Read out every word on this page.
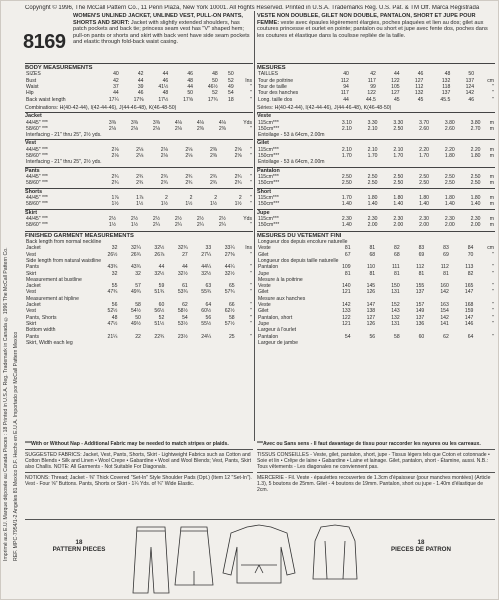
Copyright © 1996, The McCall Pattern Co., 11 Penn Plaza, New York 10001. All Rights Reserved. Printed in U.S.A. Trademarks Reg. U.S. Pat. & TM Off. Marca Registrada
Imprimé aux E.U. Marque déposée au Canada Pieces : 18 Printed in U.S.A. Reg. Trademark in Canada © 1996 The McCall Pattern Co. REF. MPC·7954/1-2 Angeles 81 Mexico D.F. Hecho en E.U.A. Importado por McCall Pattern Mexico
8169
WOMEN'S UNLINED JACKET, UNLINED VEST, PULL-ON PANTS, SHORTS AND SKIRT: Jacket with slightly extended shoulders, has patch pockets and back tie; princess seam vest has "V" shaped hem; pull-on pants or shorts and skirt with back vent have side seam pockets and elastic through fold-back waist casing.
VESTE NON DOUBLEE, GILET NON DOUBLE, PANTALON, SHORT ET JUPE POUR FEMME: veste avec épaules légèrement élargies, poches plaquées et lien au dos; gilet aux coutures princesse et ourlet en pointe; pantalon ou short et jupe avec fente dos, poches dans les coutures et élastique dans la coulisse repliée de la taille.
BODY MEASUREMENTS
SIZES	40	42	44	46	48	50	
Bust	42	44	46	48	50	52	Ins
Waist	37	39	41½	44	46½	49	"
Hip	44	46	48	50	52	54	"
Back waist length	17¼	17⅜	17½	17⅝	17¾	18	"
Combinations: H(40-42-44), I(42-44-46), J(44-46-48), K(46-48-50)
Jacket
44/45" ***	3⅜	3⅜	3⅜	4⅛	4⅛	4⅛	Yds
58/60" ***	2⅛	2⅛	2⅛	2⅛	2⅜	2⅜	"
Interfacing - 21" thru 25", 2½ yds.							
Vest
44/45" ***	2⅛	2⅛	2⅛	2⅛	2⅜	2⅝	"
58/60" ***	2⅛	2⅛	2⅛	2⅛	2⅜	2⅝	"
Interfacing - 21" thru 25", 2½ yds.							
Pants
44/45" ***	2¾	2¾	2¾	2¾	2¾	2¾	"
58/60" ***	2¾	2¾	2¾	2¾	2¾	2¾	"
Shorts
44/45" ***	1⅞	1⅞	2	2	2	2	"
58/60" ***	1½	1½	1½	1½	1½	1½	"
Skirt
44/45" ***	2½	2½	2½	2½	2½	2½	Yds
58/60" ***	1½	1½	2¼	2¼	2¼	2¼	"
FINISHED GARMENT MEASUREMENTS
Back length from normal neckline							
Jacket	32	32¼	32½	32¾	33	33¼	Ins
Vest	26½	26¾	26⅞	27	27¼	27⅜	"
Side length from natural waistline							
Pants	43¾	43¾	44	44	44¼	44¼	"
Skirt	32	32	32½	32½	32½	32½	"
Measurement at bustline							
Jacket	55	57	59	61	63	65	"
Vest	47¾	49¾	51¾	53¾	55¾	57¾	"
Measurement at hipline							
Jacket	56	58	60	62	64	66	"
Vest	52½	54½	56½	58½	60½	62½	"
Pants, Shorts	48	50	52	54	56	58	"
Skirt	47½	49½	51½	53½	55½	57½	"
Bottom width							
Pants	21¼	22	22¾	23½	24¼	25	"
Skirt, Width each leg							
MESURES
TAILLES	40	42	44	46	48	50	
Tour de poitrine	112	117	122	127	132	137	cm
Tour de taille	94	99	105	112	118	124	"
Tour des hanches	117	122	127	132	137	142	"
Long. taille dos	44	44.5	45	45	45.5	46	"
Séries: H(40-42-44), I(42-44-46), J(44-46-48), K(46-48-50)
Veste
115cm***	3.10	3.30	3.30	3.70	3.80	3.80	m
150cm***	2.10	2.10	2.50	2.60	2.60	2.70	m
Entoilage - 53 à 64cm, 2.00m							
Gilet
115cm***	2.10	2.10	2.10	2.20	2.20	2.20	m
150cm***	1.70	1.70	1.70	1.70	1.80	1.80	m
Entoilage - 53 à 64cm, 2.00m							
Pantalon
115cm***	2.50	2.50	2.50	2.50	2.50	2.50	m
150cm***	2.50	2.50	2.50	2.50	2.50	2.50	m
Short
115cm***	1.70	1.80	1.80	1.80	1.80	1.80	m
150cm***	1.40	1.40	1.40	1.40	1.40	1.40	m
Jupe
115cm***	2.30	2.30	2.30	2.30	2.30	2.30	m
150cm***	1.40	2.00	2.00	2.00	2.00	2.00	m
MESURES DU VETEMENT FINI
Longueur dos depuis encolure naturelle							
Veste	81	81	82	83	83	84	cm
Gilet	67	68	68	69	69	70	"
Longueur dos depuis taille naturelle							
Pantalon	109	110	111	112	112	113	"
Jupe	81	81	81	81	81	82	"
Mesure à la poitrine							
Veste	140	145	150	155	160	165	"
Gilet	121	126	131	137	142	147	"
Mesure aux hanches							
Veste	142	147	152	157	163	168	"
Gilet	133	138	143	149	154	159	"
Pantalon, short	122	127	132	137	142	147	"
Jupe	121	126	131	136	141	146	"
Largeur à l'ourlet							
Pantalon	54	56	58	60	62	64	"
Largeur de jambe							
***With or Without Nap - Additional Fabric may be needed to match stripes or plaids.
SUGGESTED FABRICS: Jacket, Vest, Pants, Shorts, Skirt - Lightweight Fabrics such as Cotton and Cotton Blends • Silk and Linen • Wool Crepe • Gabardine • Wool and Wool Blends; Vest, Pants, Skirt also Challis. NOTE: All Garments - Not Suitable For Diagonals.
NOTIONS: Thread; Jacket - ⅜" Thick Covered "Set-In" Style Shoulder Pads (Opt.) (Item 12 "Set-In"). Vest - Four ⅝" Buttons. Pants, Shorts or Skirt - 1¼ Yds. of ¾" Wide Elastic.
***Avec ou Sans sens - Il faut davantage de tissu pour raccorder les rayures ou les carreaux.
TISSUS CONSEILLES - Veste, gilet, pantalon, short, jupe - Tissus légers tels que Coton et cotonnade • Soie et lin • Crêpe de laine • Gabardine • Laine et lainage. Gilet, pantalon, short - Étamine, aussi. N.B.: Tous vêtements - Les diagonales ne conviennent pas.
MERCERIE - Fil. Veste - épaulettes recouvertes de 1.3cm d'épaisseur (pour manches montées) (Article 1.3), 5 boutons de 25mm. Gilet - 4 boutons de 19mm. Pantalon, short ou jupe - 1.40m d'élastique de 2cm.
18
PATTERN PIECES
18
PIECES DE PATRON
